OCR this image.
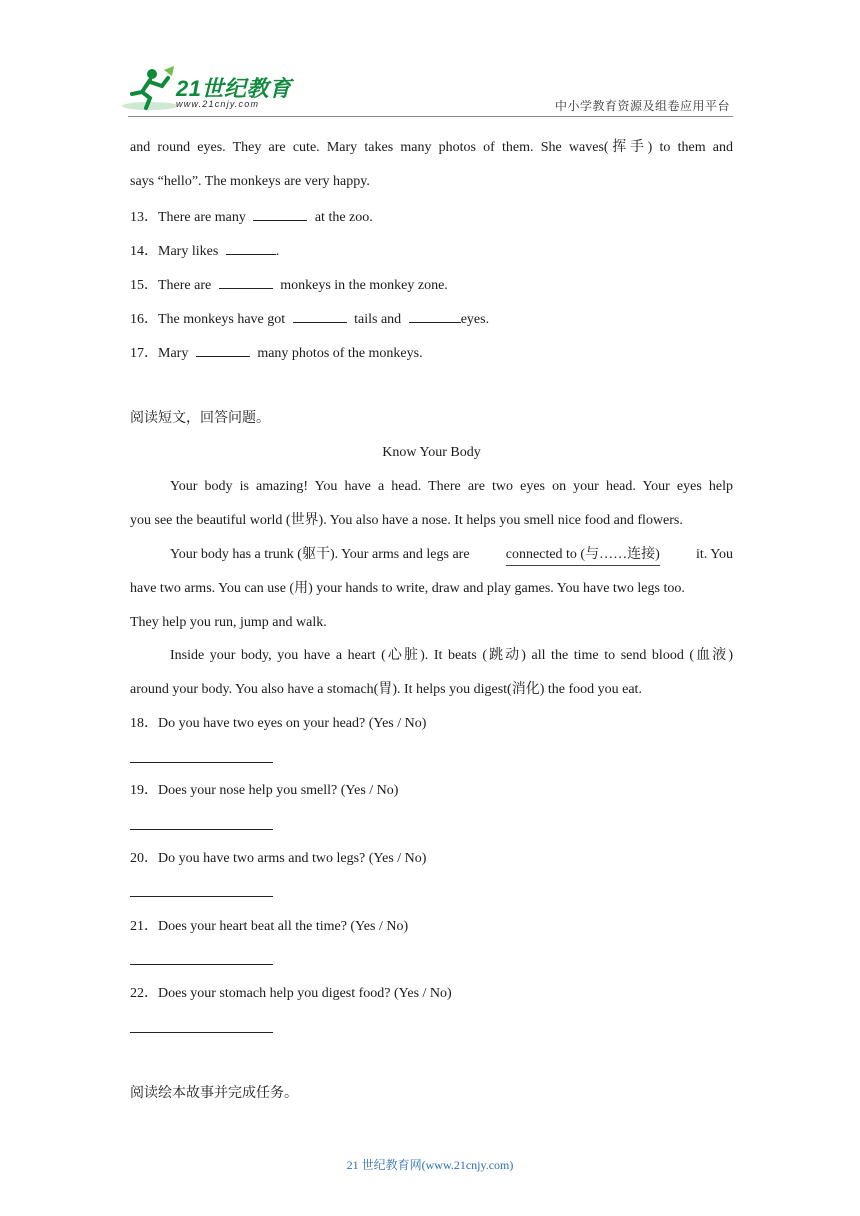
21世纪教育
www.21cnjy.com	中小学教育资源及组卷应用平台
and round eyes. They are cute. Mary takes many photos of them. She waves(挥手) to them and
says “hello”. The monkeys are very happy.
13．There are many	at the zoo.
14．Mary likes	.
15．There are	monkeys in the monkey zone.
16．The monkeys have got	tails and	eyes.
17．Mary	many photos of the monkeys.
阅读短文，回答问题。
Know Your Body
Your body is amazing! You have a head. There are two eyes on your head. Your eyes help
you see the beautiful world (世界). You also have a nose. It helps you smell nice food and flowers.
Your body has a trunk (躯干). Your arms and legs are	connected to (与……连接)	it. You
have two arms. You can use (用) your hands to write, draw and play games. You have two legs too.
They help you run, jump and walk.
Inside your body, you have a heart (心脏). It beats (跳动) all the time to send blood (血液)
around your body. You also have a stomach(胃). It helps you digest(消化) the food you eat.
18．Do you have two eyes on your head? (Yes / No)
19．Does your nose help you smell? (Yes / No)
20．Do you have two arms and two legs? (Yes / No)
21．Does your heart beat all the time? (Yes / No)
22．Does your stomach help you digest food? (Yes / No)
阅读绘本故事并完成任务。
21 世纪教育网(www.21cnjy.com)
